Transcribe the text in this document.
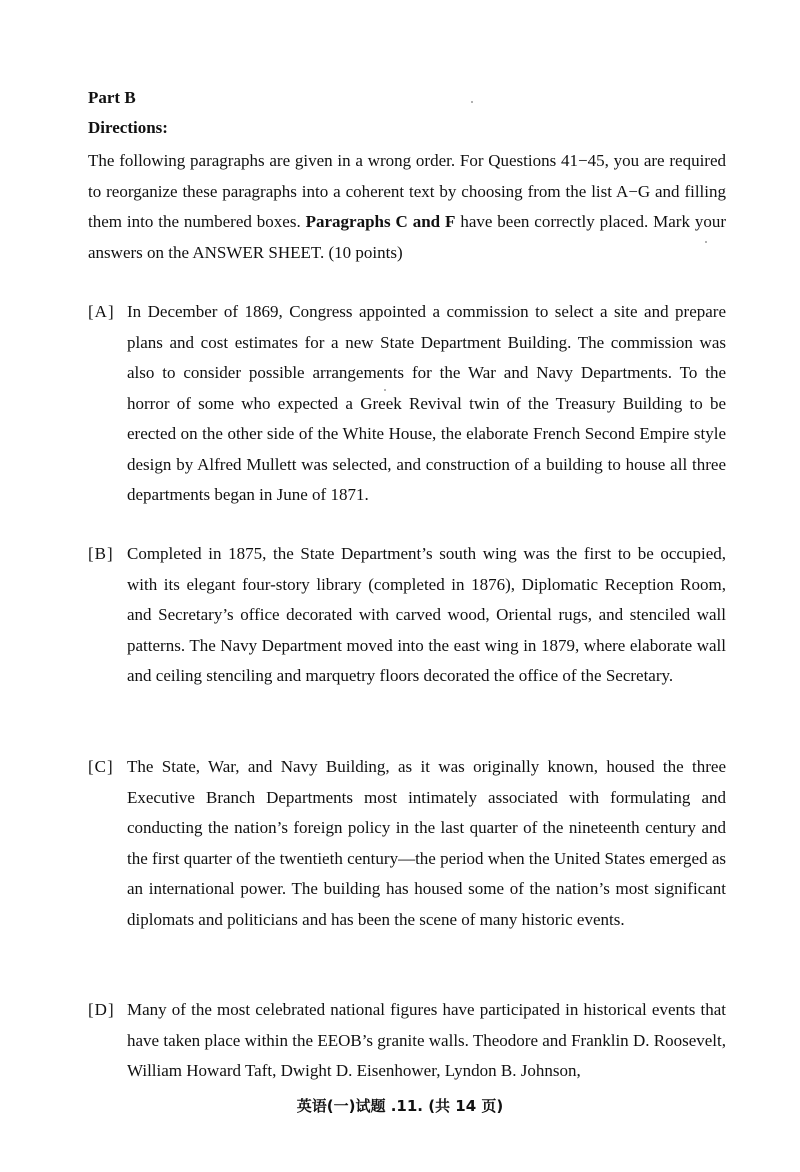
Part B
Directions:

The following paragraphs are given in a wrong order. For Questions 41−45, you are required to reorganize these paragraphs into a coherent text by choosing from the list A−G and filling them into the numbered boxes. Paragraphs C and F have been correctly placed. Mark your answers on the ANSWER SHEET. (10 points)

[A] In December of 1869, Congress appointed a commission to select a site and prepare plans and cost estimates for a new State Department Building. The commission was also to consider possible arrangements for the War and Navy Departments. To the horror of some who expected a Greek Revival twin of the Treasury Building to be erected on the other side of the White House, the elaborate French Second Empire style design by Alfred Mullett was selected, and construction of a building to house all three departments began in June of 1871.

[B] Completed in 1875, the State Department’s south wing was the first to be occupied, with its elegant four-story library (completed in 1876), Diplomatic Reception Room, and Secretary’s office decorated with carved wood, Oriental rugs, and stenciled wall patterns. The Navy Department moved into the east wing in 1879, where elaborate wall and ceiling stenciling and marquetry floors decorated the office of the Secretary.

[C] The State, War, and Navy Building, as it was originally known, housed the three Executive Branch Departments most intimately associated with formulating and conducting the nation’s foreign policy in the last quarter of the nineteenth century and the first quarter of the twentieth century—the period when the United States emerged as an international power. The building has housed some of the nation’s most significant diplomats and politicians and has been the scene of many historic events.

[D] Many of the most celebrated national figures have participated in historical events that have taken place within the EEOB’s granite walls. Theodore and Franklin D. Roosevelt, William Howard Taft, Dwight D. Eisenhower, Lyndon B. Johnson,

英语(一)试题 .11. (共 14 页)
